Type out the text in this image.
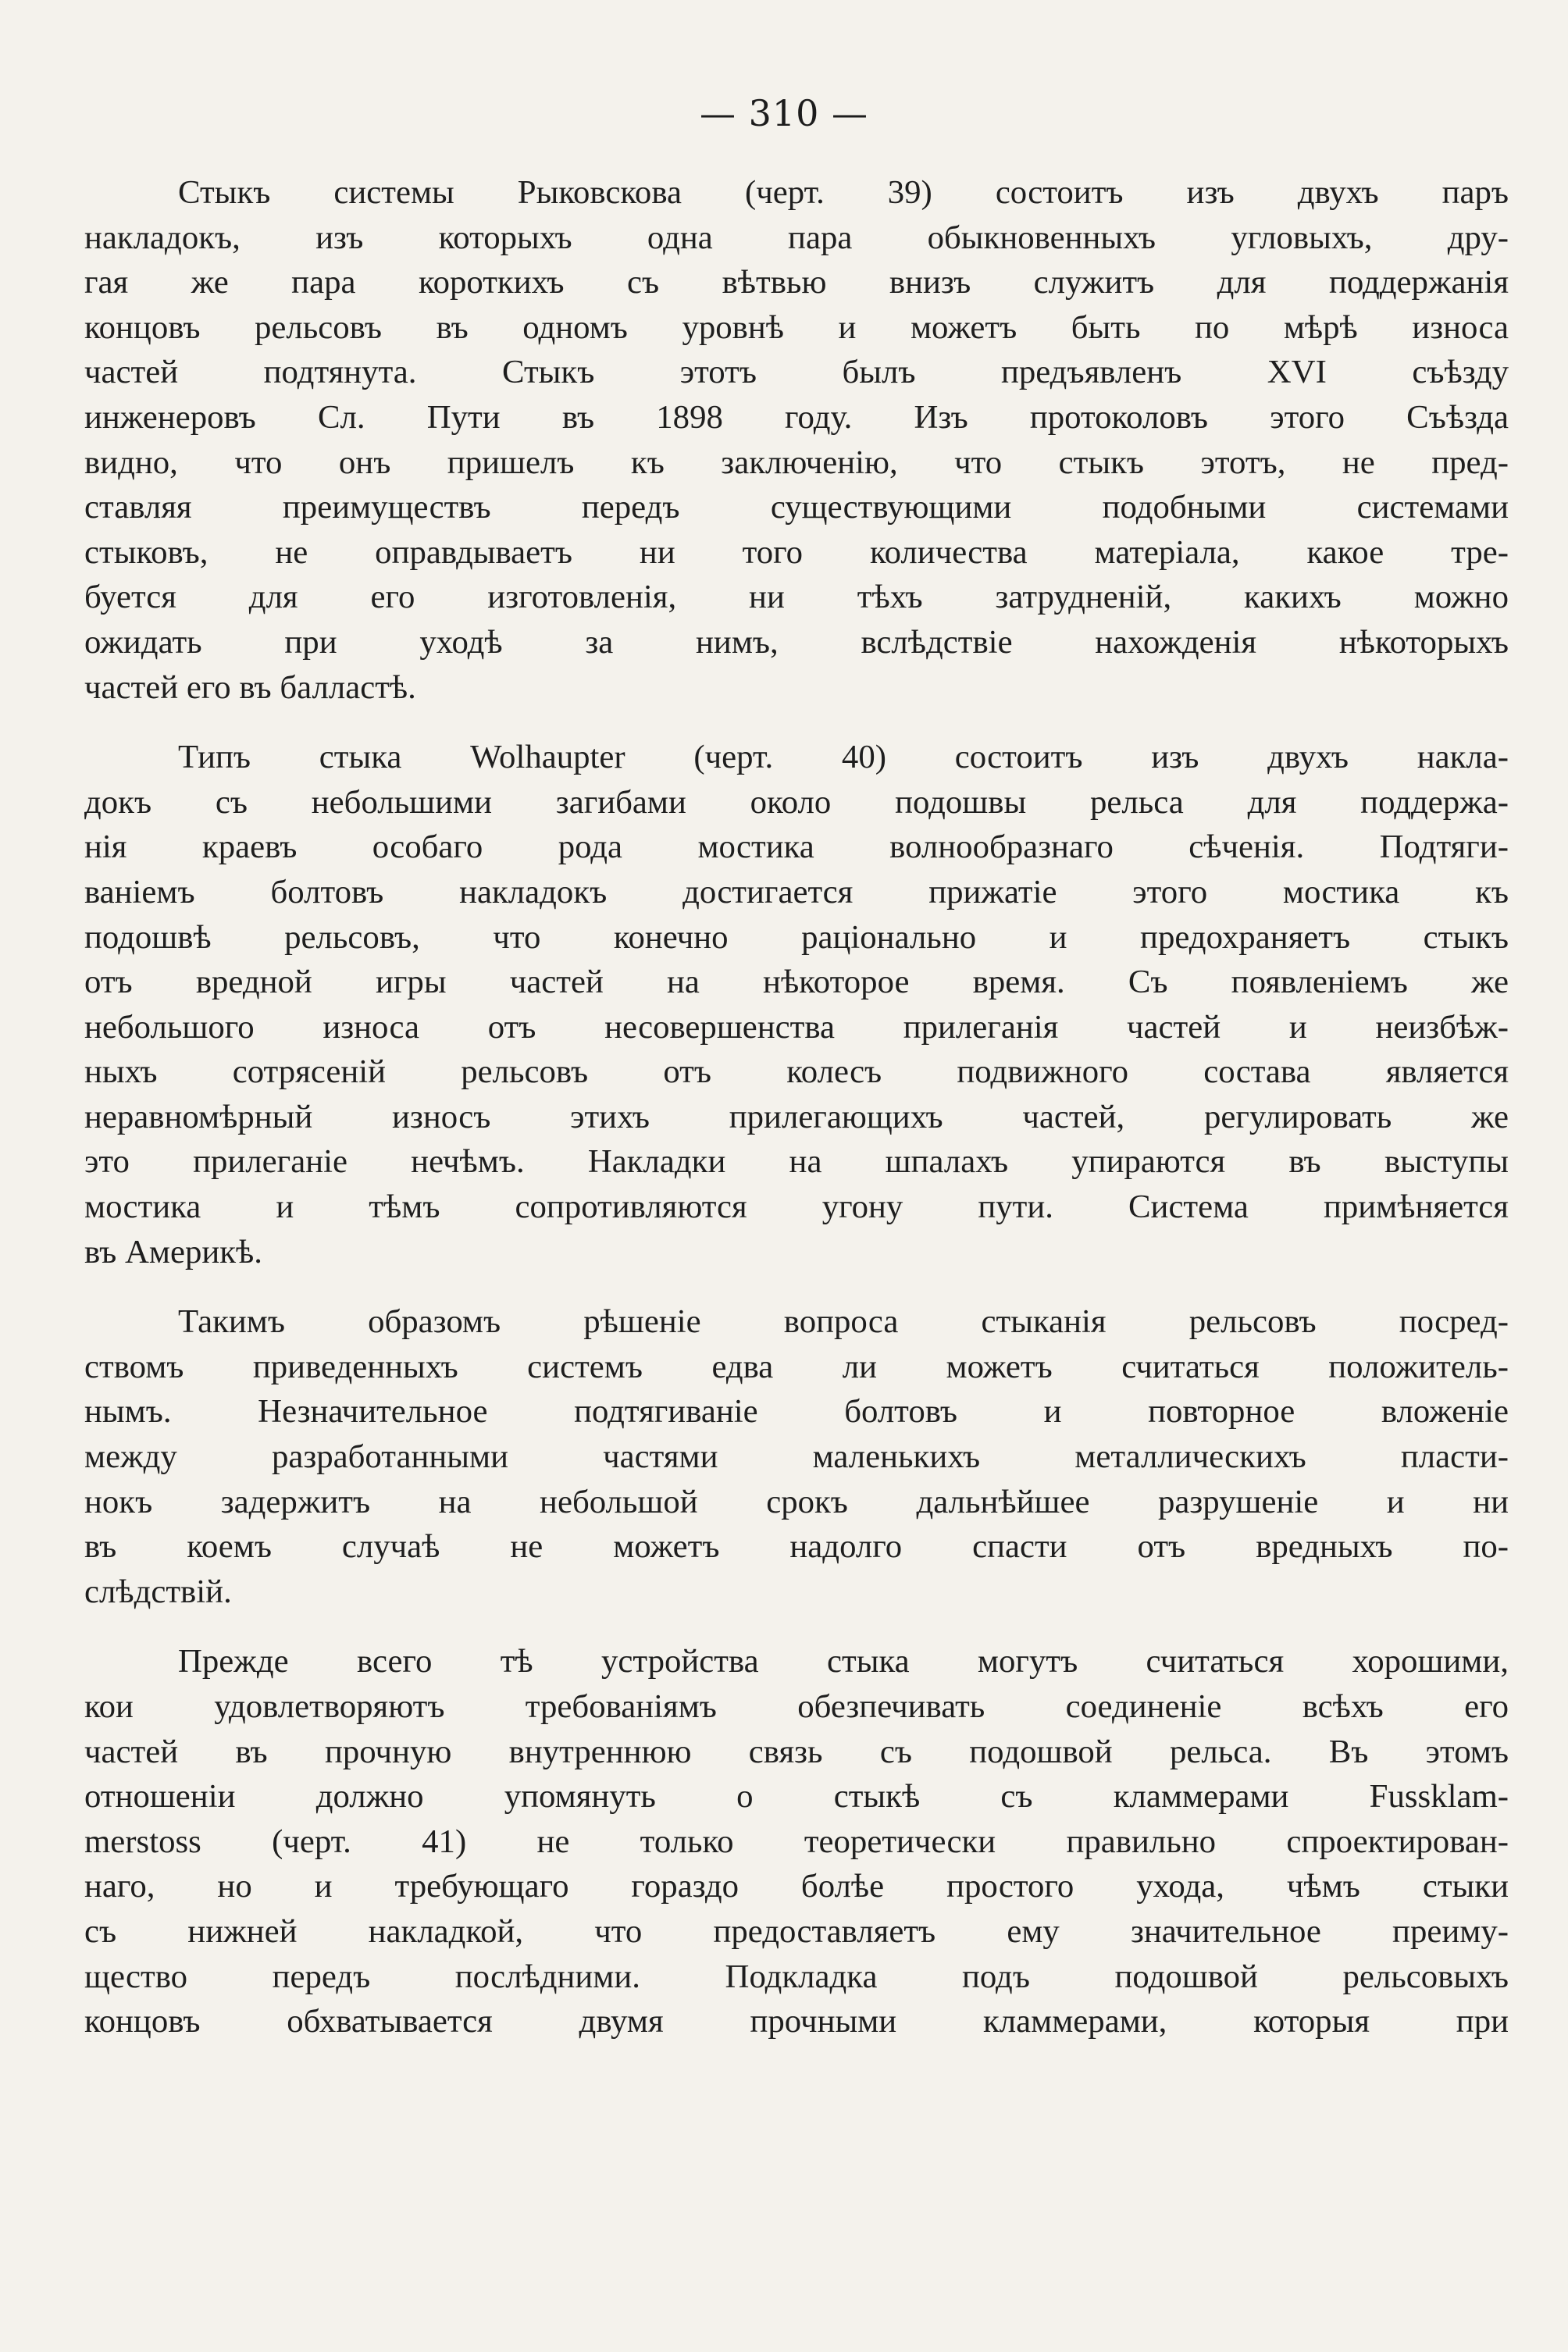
— 310 —
Стыкъ системы Рыковскова (черт. 39) состоитъ изъ двухъ паръ
накладокъ, изъ которыхъ одна пара обыкновенныхъ угловыхъ, дру-
гая же пара короткихъ съ вѣтвью внизъ служитъ для поддержанія
концовъ рельсовъ въ одномъ уровнѣ и можетъ быть по мѣрѣ износа
частей подтянута. Стыкъ этотъ былъ предъявленъ XVI съѣзду
инженеровъ Сл. Пути въ 1898 году. Изъ протоколовъ этого Съѣзда
видно, что онъ пришелъ къ заключенію, что стыкъ этотъ, не пред-
ставляя преимуществъ передъ существующими подобными системами
стыковъ, не оправдываетъ ни того количества матеріала, какое тре-
буется для его изготовленія, ни тѣхъ затрудненій, какихъ можно
ожидать при уходѣ за нимъ, вслѣдствіе нахожденія нѣкоторыхъ
частей его въ балластѣ.
Типъ стыка Wolhaupter (черт. 40) состоитъ изъ двухъ накла-
докъ съ небольшими загибами около подошвы рельса для поддержа-
нія краевъ особаго рода мостика волнообразнаго сѣченія. Подтяги-
ваніемъ болтовъ накладокъ достигается прижатіе этого мостика къ
подошвѣ рельсовъ, что конечно раціонально и предохраняетъ стыкъ
отъ вредной игры частей на нѣкоторое время. Съ появленіемъ же
небольшого износа отъ несовершенства прилеганія частей и неизбѣж-
ныхъ сотрясеній рельсовъ отъ колесъ подвижного состава является
неравномѣрный износъ этихъ прилегающихъ частей, регулировать же
это прилеганіе нечѣмъ. Накладки на шпалахъ упираются въ выступы
мостика и тѣмъ сопротивляются угону пути. Система примѣняется
въ Америкѣ.
Такимъ образомъ рѣшеніе вопроса стыканія рельсовъ посред-
ствомъ приведенныхъ системъ едва ли можетъ считаться положитель-
нымъ. Незначительное подтягиваніе болтовъ и повторное вложеніе
между разработанными частями маленькихъ металлическихъ пласти-
нокъ задержитъ на небольшой срокъ дальнѣйшее разрушеніе и ни
въ коемъ случаѣ не можетъ надолго спасти отъ вредныхъ по-
слѣдствій.
Прежде всего тѣ устройства стыка могутъ считаться хорошими,
кои удовлетворяютъ требованіямъ обезпечивать соединеніе всѣхъ его
частей въ прочную внутреннюю связь съ подошвой рельса. Въ этомъ
отношеніи должно упомянуть о стыкѣ съ кламмерами Fussklam-
merstoss (черт. 41) не только теоретически правильно спроектирован-
наго, но и требующаго гораздо болѣе простого ухода, чѣмъ стыки
съ нижней накладкой, что предоставляетъ ему значительное преиму-
щество передъ послѣдними. Подкладка подъ подошвой рельсовыхъ
концовъ обхватывается двумя прочными кламмерами, которыя при
